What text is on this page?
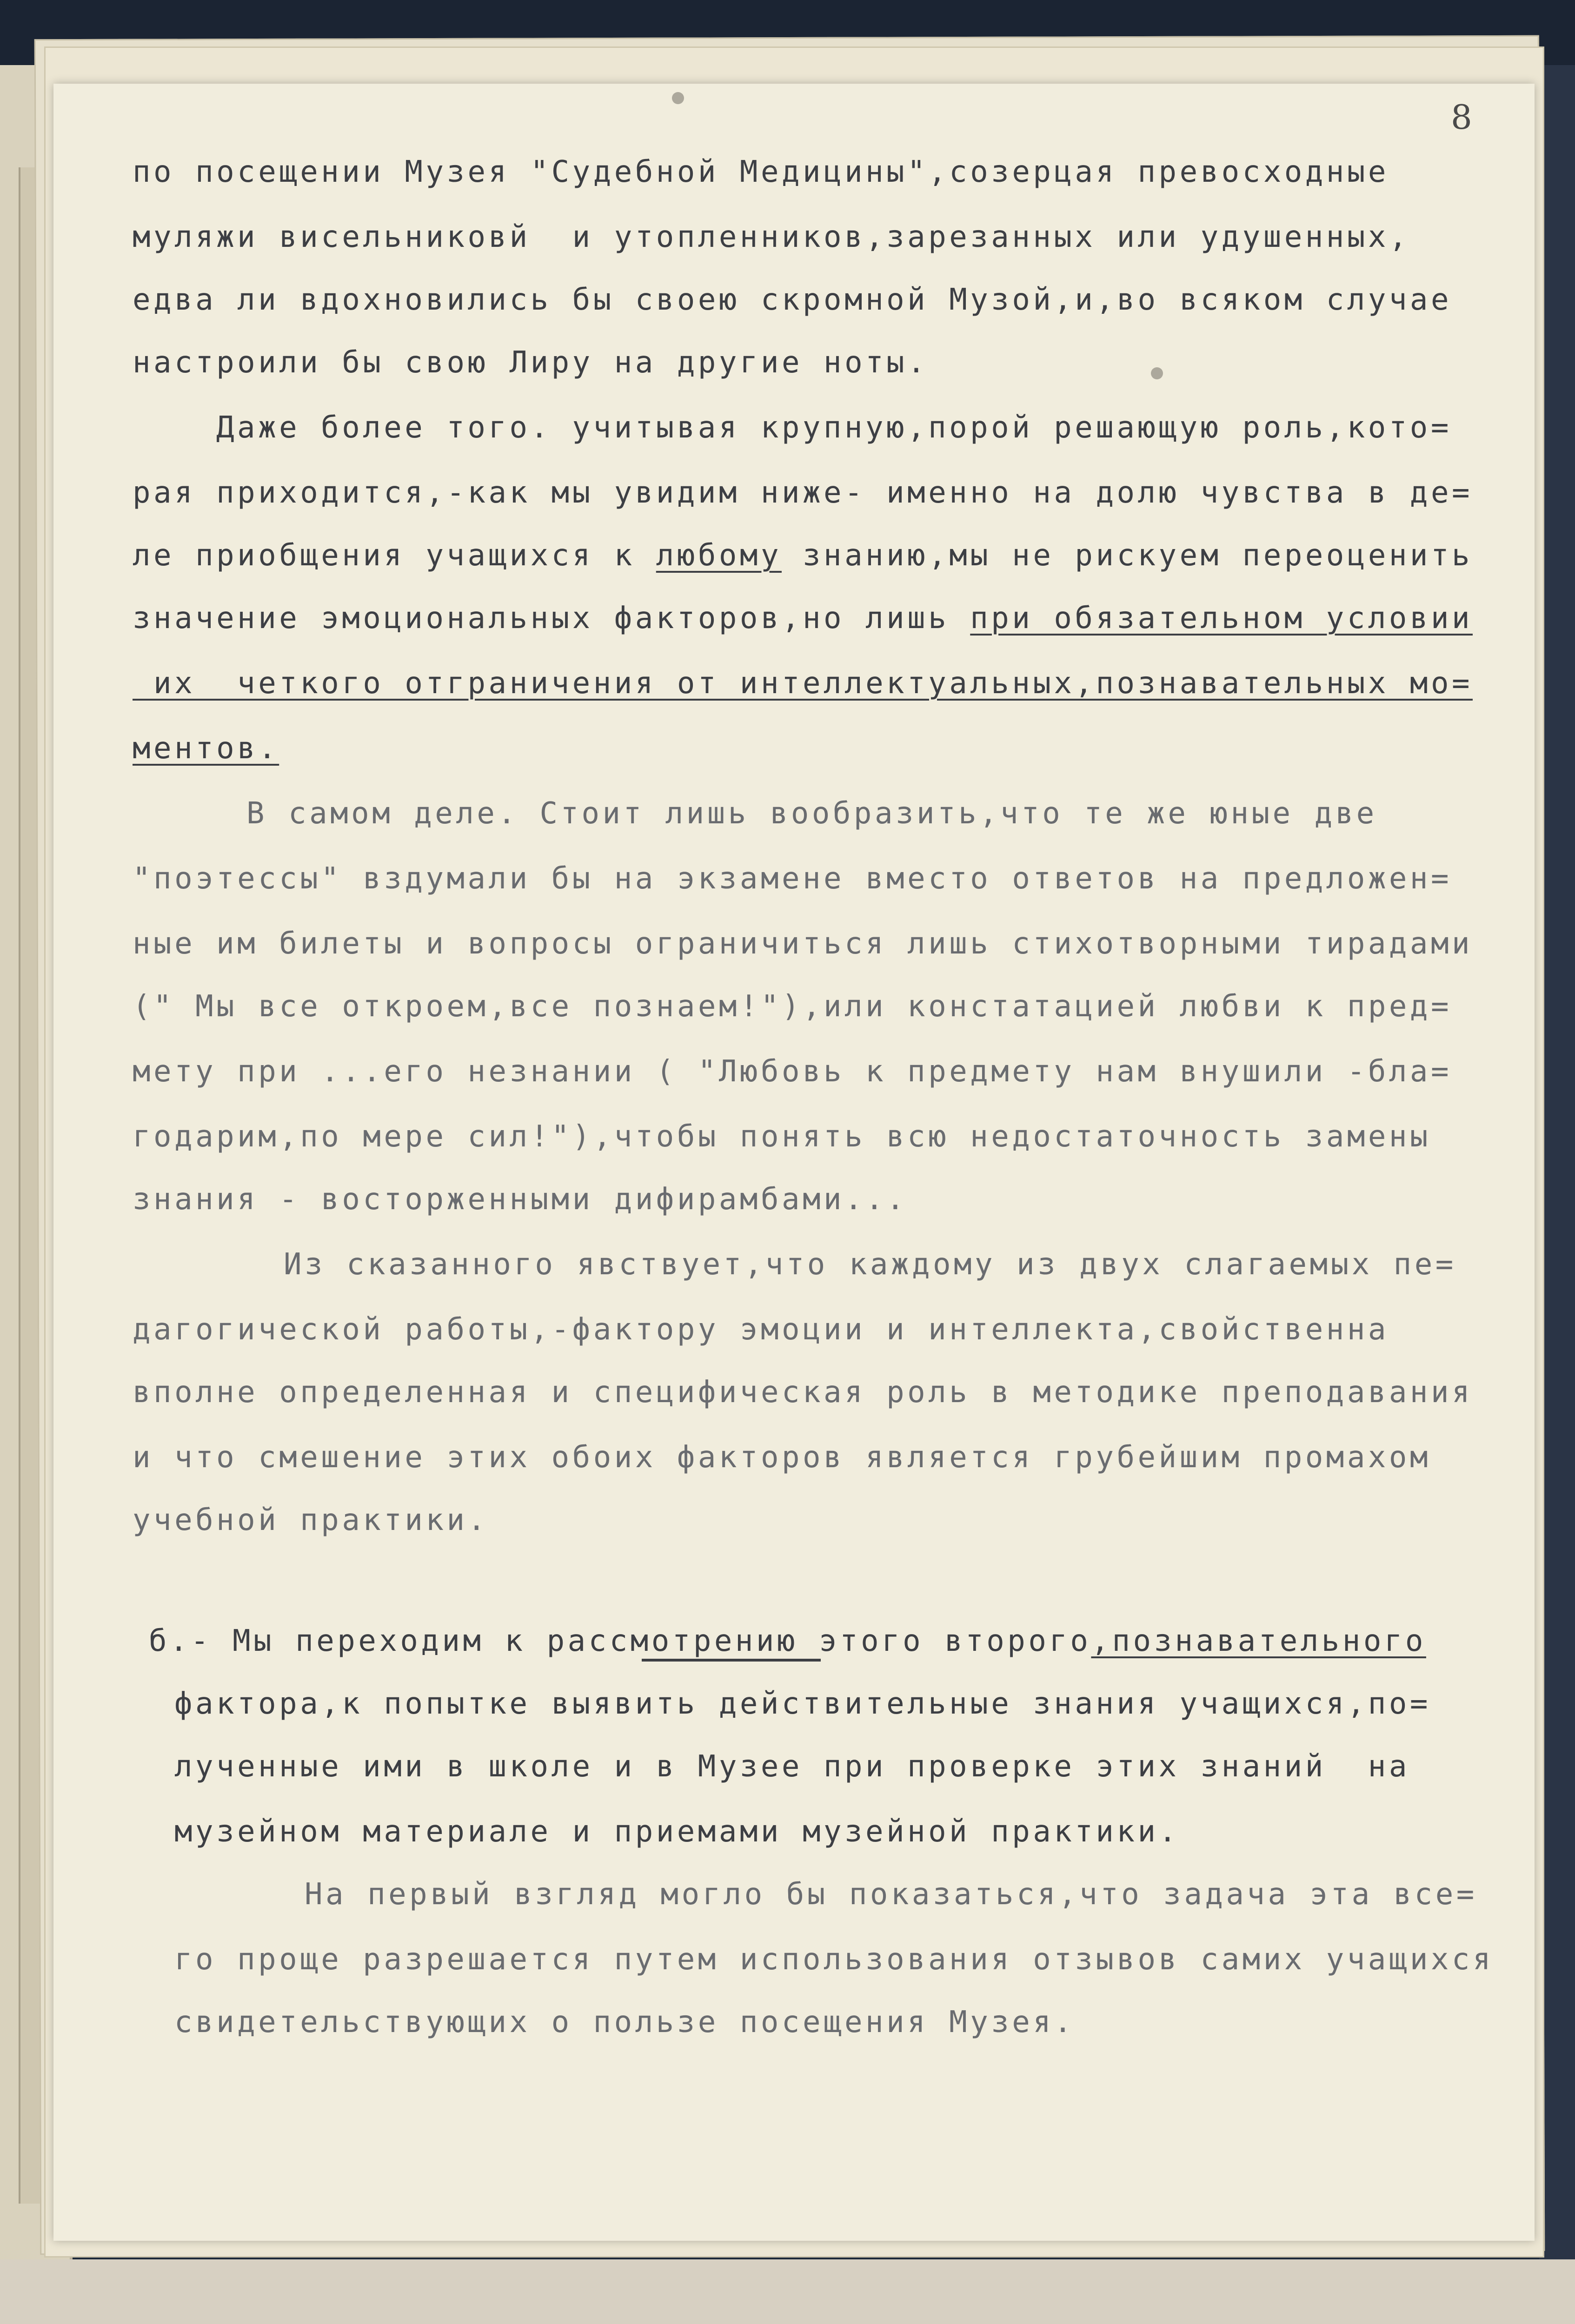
8
по посещении Музея "Судебной Медицины",созерцая превосходные
муляжи висельниковй  и утопленников,зарезанных или удушенных,
едва ли вдохновились бы своею скромной Музой,и,во всяком случае
настроили бы свою Лиру на другие ноты.
Даже более того. учитывая крупную,порой решающую роль,кото=
рая приходится,-как мы увидим ниже- именно на долю чувства в де=
ле приобщения учащихся к любому знанию,мы не рискуем переоценить
значение эмоциональных факторов,но лишь при обязательном условии
их  четкого отграничения от интеллектуальных,познавательных мо=
ментов.
В самом деле. Стоит лишь вообразить,что те же юные две
"поэтессы" вздумали бы на экзамене вместо ответов на предложен=
ные им билеты и вопросы ограничиться лишь стихотворными тирадами
(" Мы все откроем,все познаем!"),или констатацией любви к пред=
мету при ...его незнании ( "Любовь к предмету нам внушили -бла=
годарим,по мере сил!"),чтобы понять всю недостаточность замены
знания - восторженными дифирамбами...
Из сказанного явствует,что каждому из двух слагаемых пе=
дагогической работы,-фактору эмоции и интеллекта,свойственна
вполне определенная и специфическая роль в методике преподавания
и что смешение этих обоих факторов является грубейшим промахом
учебной практики.
б.- Мы переходим к рассмотрению этого второго,познавательного
фактора,к попытке выявить действительные знания учащихся,по=
лученные ими в школе и в Музее при проверке этих знаний  на
музейном материале и приемами музейной практики.
На первый взгляд могло бы показаться,что задача эта все=
го проще разрешается путем использования отзывов самих учащихся
свидетельствующих о пользе посещения Музея.
